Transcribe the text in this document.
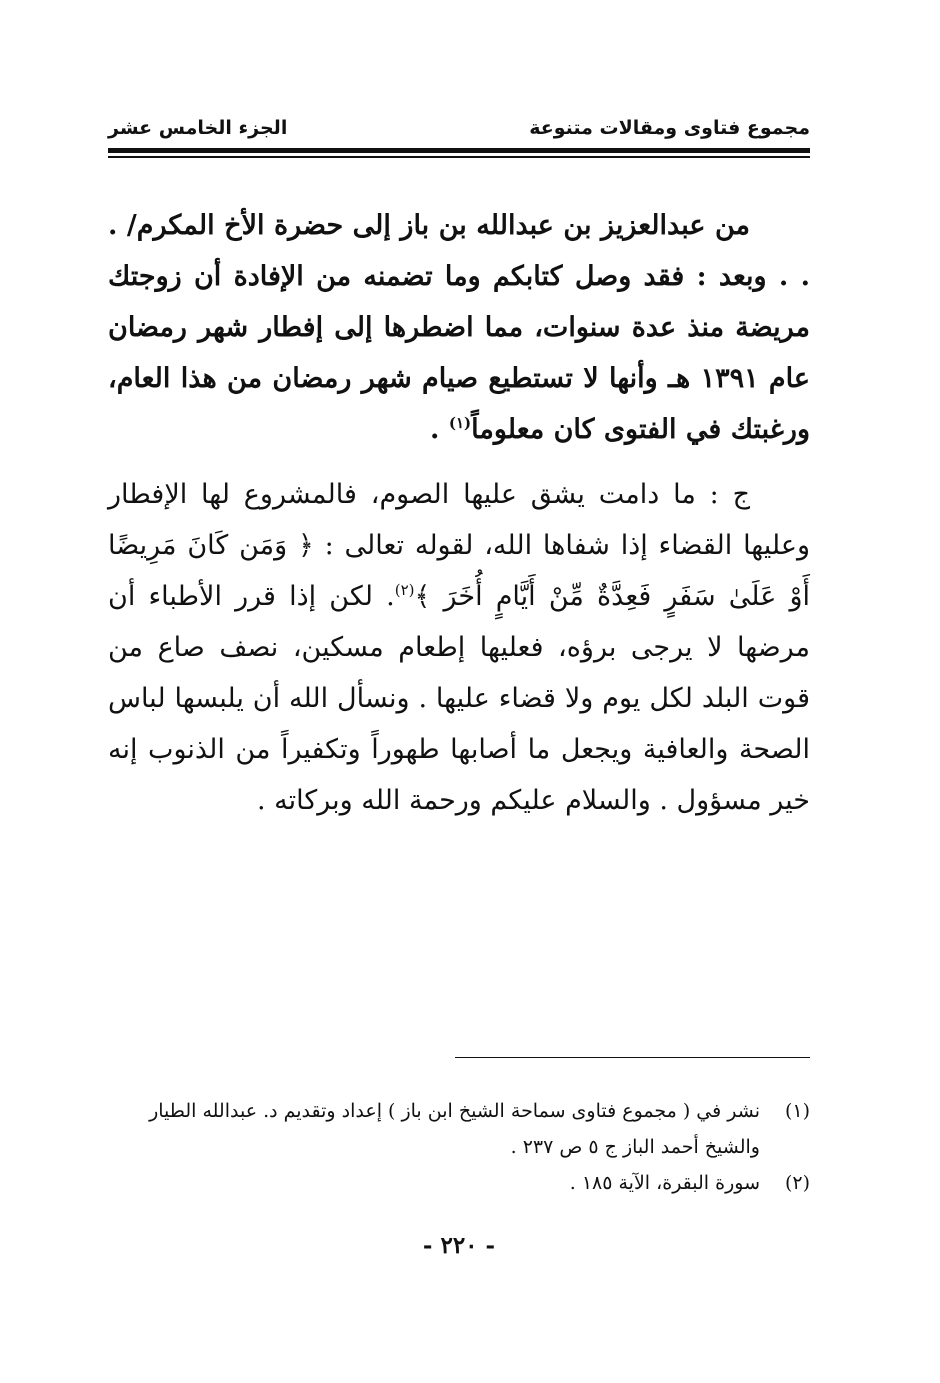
مجموع فتاوى ومقالات متنوعة
الجزء الخامس عشر

من عبدالعزيز بن عبدالله بن باز إلى حضرة الأخ المكرم/ . . . وبعد : فقد وصل كتابكم وما تضمنه من الإفادة أن زوجتك مريضة منذ عدة سنوات، مما اضطرها إلى إفطار شهر رمضان عام ١٣٩١ هـ وأنها لا تستطيع صيام شهر رمضان من هذا العام، ورغبتك في الفتوى كان معلوماً$^{(١)}$ .

ج : ما دامت يشق عليها الصوم، فالمشروع لها الإفطار وعليها القضاء إذا شفاها الله، لقوله تعالى : ﴿ وَمَن كَانَ مَرِيضًا أَوْ عَلَىٰ سَفَرٍ فَعِدَّةٌ مِّنْ أَيَّامٍ أُخَرَ ﴾$^{(٢)}$. لكن إذا قرر الأطباء أن مرضها لا يرجى برؤه، فعليها إطعام مسكين، نصف صاع من قوت البلد لكل يوم ولا قضاء عليها . ونسأل الله أن يلبسها لباس الصحة والعافية ويجعل ما أصابها طهوراً وتكفيراً من الذنوب إنه خير مسؤول . والسلام عليكم ورحمة الله وبركاته .

(١)
نشر في ( مجموع فتاوى سماحة الشيخ ابن باز ) إعداد وتقديم د. عبدالله الطيار والشيخ أحمد الباز ج ٥ ص ٢٣٧ .
(٢)
سورة البقرة، الآية ١٨٥ .
- ٢٢٠ -
